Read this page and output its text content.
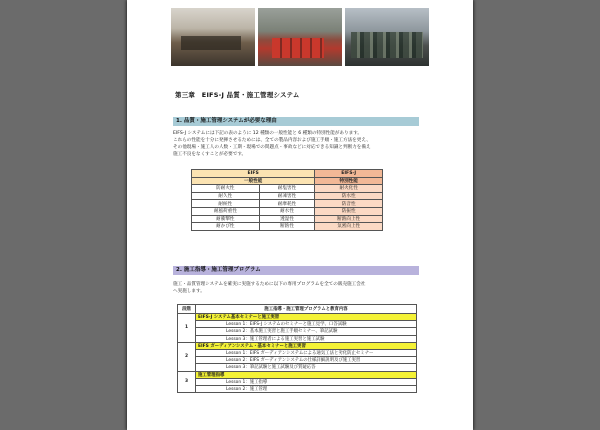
第三章　EIFS-J 品質・施工管理システム
1. 品質・施工管理システムが必要な理由
EIFS-J システムには下記の表のように 12 種類の一般性能と 6 種類の特別性能があります。
これらの性能を十分に発揮させるためには、全ての製品内容および施工手順・施工方法を更え、
その他現場・施工人の人数・工期・現場での問題点・事故などに対応できる知識と判断力を備え
施工不良をなくすことが必要です。
EIFS		EIFS-J
一般性能		特別性能
防耐火性	耐塩害性	耐火化性
耐久性	耐凍害性	防水性
耐候性	耐摩耗性	防音性
耐風荷重性	耐水性	防振性
耐衝撃性	透湿性	断熱向上性
耐かび性	断熱性	気密向上性
2. 施工指導・施工管理プログラム
施工・品質管理システムを確実に実施するために以下の専用プログラムを全ての販売施工会社
へ実施します。
段階	施工指導・施工管理プログラムと教育内容
1	EIFS-J システム基本セミナーと施工実習
	Lesson 1：EIFS-J システムのセミナーと施工見学、口答試験
	Lesson 2：基本施工実習と施工手順セミナー、筆記試験
	Lesson 3：施工管理者による施工実習と施工試験
2	EIFS ガーディアンシステム・基本セミナーと施工実習
	Lesson 1：EIFS ガーディアンシステムによる通気工法と劣化防止セミナー
	Lesson 2：EIFS ガーディアンシステムの仕様詳細説明及び施工実習
	Lesson 3：筆記試験と施工試験及び質疑応答
3	施工管理指導
	Lesson 1：施工指導
	Lesson 2：施工管理
